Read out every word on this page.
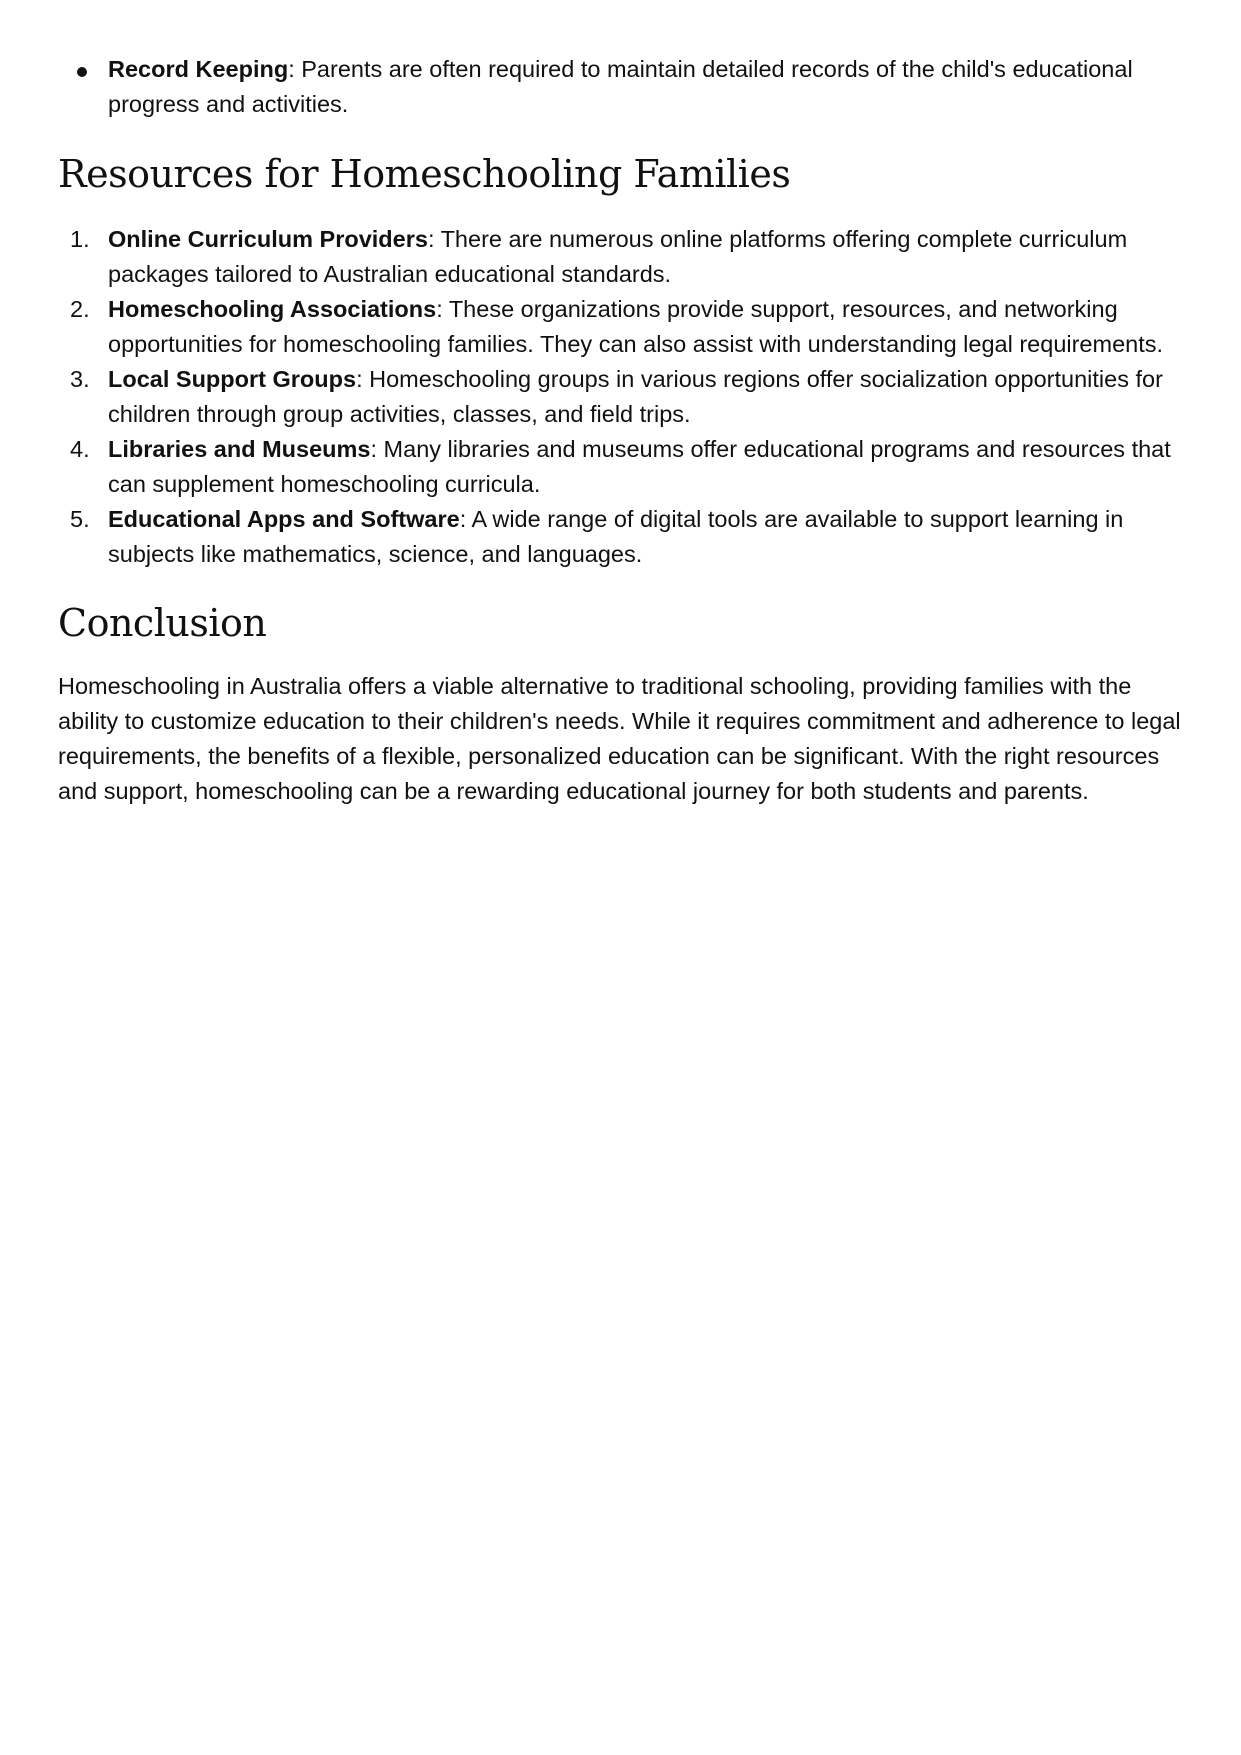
Record Keeping: Parents are often required to maintain detailed records of the child's educational progress and activities.
Resources for Homeschooling Families
1. Online Curriculum Providers: There are numerous online platforms offering complete curriculum packages tailored to Australian educational standards.
2. Homeschooling Associations: These organizations provide support, resources, and networking opportunities for homeschooling families. They can also assist with understanding legal requirements.
3. Local Support Groups: Homeschooling groups in various regions offer socialization opportunities for children through group activities, classes, and field trips.
4. Libraries and Museums: Many libraries and museums offer educational programs and resources that can supplement homeschooling curricula.
5. Educational Apps and Software: A wide range of digital tools are available to support learning in subjects like mathematics, science, and languages.
Conclusion

Homeschooling in Australia offers a viable alternative to traditional schooling, providing families with the ability to customize education to their children's needs. While it requires commitment and adherence to legal requirements, the benefits of a flexible, personalized education can be significant. With the right resources and support, homeschooling can be a rewarding educational journey for both students and parents.
